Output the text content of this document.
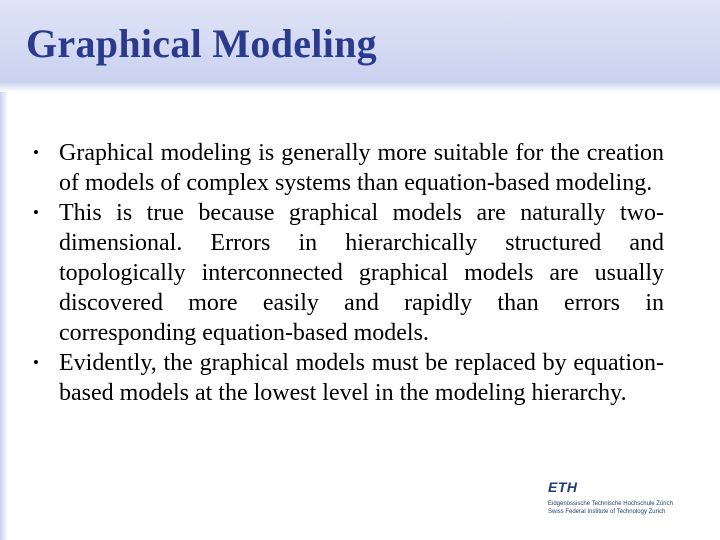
Graphical Modeling
• Graphical modeling is generally more suitable for the creation of models of complex systems than equation-based modeling.
• This is true because graphical models are naturally two-dimensional. Errors in hierarchically structured and topologically interconnected graphical models are usually discovered more easily and rapidly than errors in corresponding equation-based models.
• Evidently, the graphical models must be replaced by equation-based models at the lowest level in the modeling hierarchy.

ETH

Eidgenössische Technische Hochschule Zürich

Swiss Federal Institute of Technology Zurich
